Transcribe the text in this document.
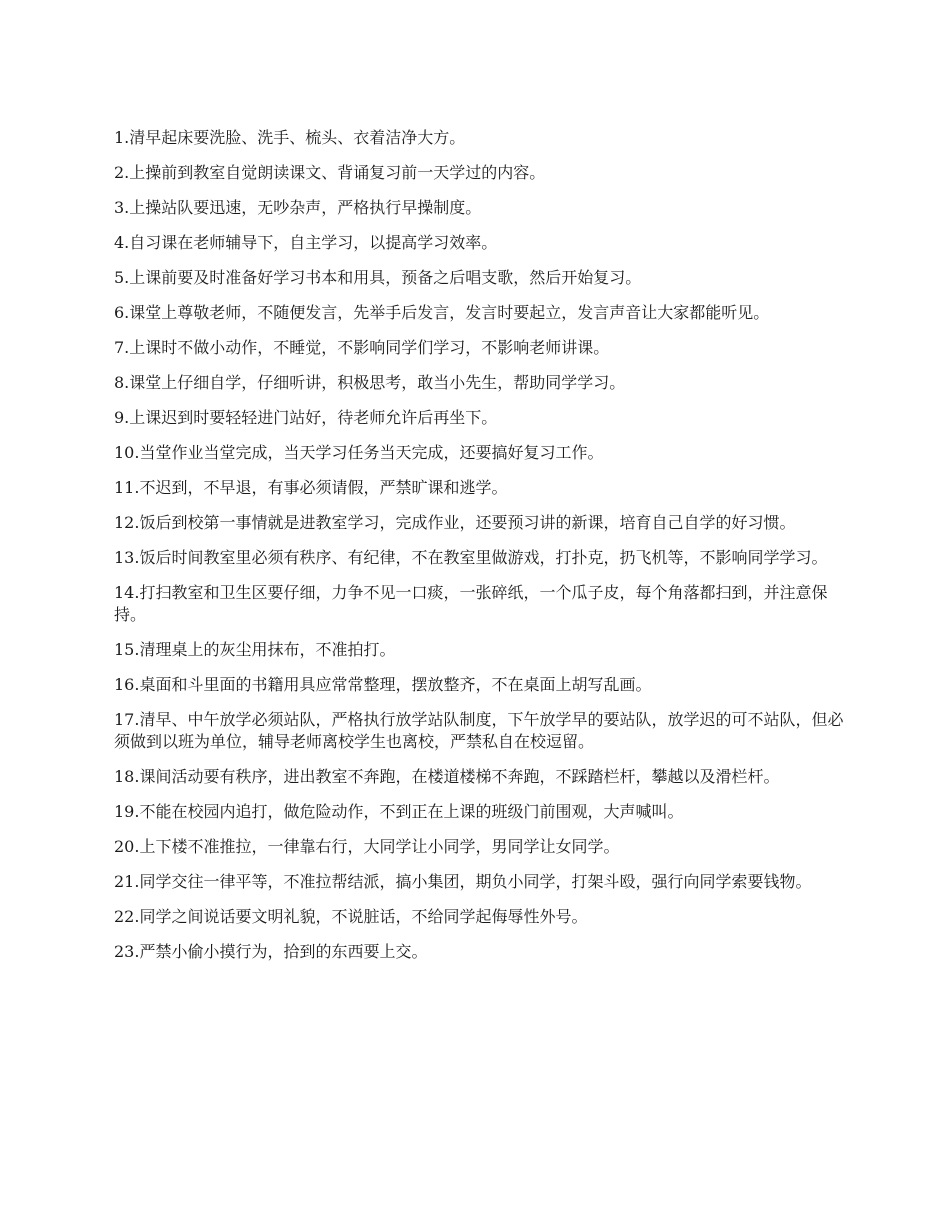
1.清早起床要洗脸、洗手、梳头、衣着洁净大方。

2.上操前到教室自觉朗读课文、背诵复习前一天学过的内容。

3.上操站队要迅速，无吵杂声，严格执行早操制度。

4.自习课在老师辅导下，自主学习，以提高学习效率。

5.上课前要及时准备好学习书本和用具，预备之后唱支歌，然后开始复习。

6.课堂上尊敬老师，不随便发言，先举手后发言，发言时要起立，发言声音让大家都能听见。

7.上课时不做小动作，不睡觉，不影响同学们学习，不影响老师讲课。

8.课堂上仔细自学，仔细听讲，积极思考，敢当小先生，帮助同学学习。

9.上课迟到时要轻轻进门站好，待老师允许后再坐下。

10.当堂作业当堂完成，当天学习任务当天完成，还要搞好复习工作。

11.不迟到，不早退，有事必须请假，严禁旷课和逃学。

12.饭后到校第一事情就是进教室学习，完成作业，还要预习讲的新课，培育自己自学的好习惯。

13.饭后时间教室里必须有秩序、有纪律，不在教室里做游戏，打扑克，扔飞机等，不影响同学学习。

14.打扫教室和卫生区要仔细，力争不见一口痰，一张碎纸，一个瓜子皮，每个角落都扫到，并注意保持。

15.清理桌上的灰尘用抹布，不准拍打。

16.桌面和斗里面的书籍用具应常常整理，摆放整齐，不在桌面上胡写乱画。

17.清早、中午放学必须站队，严格执行放学站队制度，下午放学早的要站队，放学迟的可不站队，但必须做到以班为单位，辅导老师离校学生也离校，严禁私自在校逗留。

18.课间活动要有秩序，进出教室不奔跑，在楼道楼梯不奔跑，不踩踏栏杆，攀越以及滑栏杆。

19.不能在校园内追打，做危险动作，不到正在上课的班级门前围观，大声喊叫。

20.上下楼不准推拉，一律靠右行，大同学让小同学，男同学让女同学。

21.同学交往一律平等，不准拉帮结派，搞小集团，期负小同学，打架斗殴，强行向同学索要钱物。

22.同学之间说话要文明礼貌，不说脏话，不给同学起侮辱性外号。

23.严禁小偷小摸行为，拾到的东西要上交。
